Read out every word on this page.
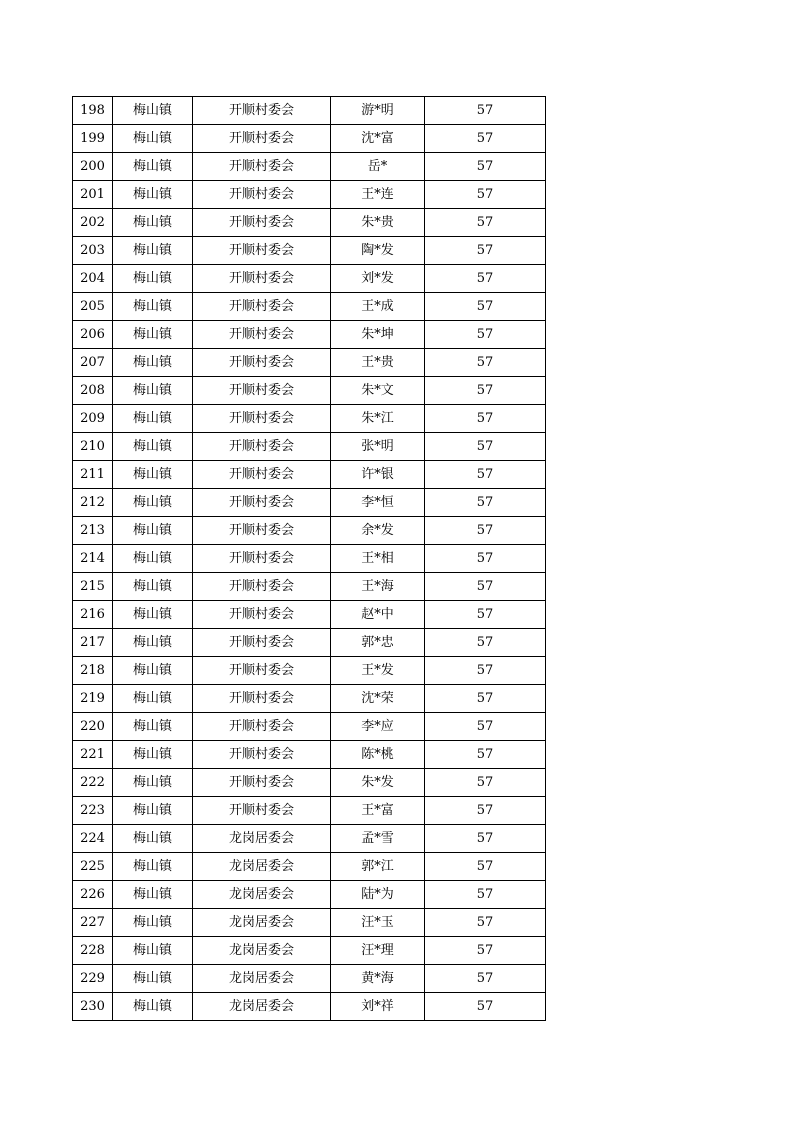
198	梅山镇	开顺村委会	游*明	57
199	梅山镇	开顺村委会	沈*富	57
200	梅山镇	开顺村委会	岳*	57
201	梅山镇	开顺村委会	王*连	57
202	梅山镇	开顺村委会	朱*贵	57
203	梅山镇	开顺村委会	陶*发	57
204	梅山镇	开顺村委会	刘*发	57
205	梅山镇	开顺村委会	王*成	57
206	梅山镇	开顺村委会	朱*坤	57
207	梅山镇	开顺村委会	王*贵	57
208	梅山镇	开顺村委会	朱*文	57
209	梅山镇	开顺村委会	朱*江	57
210	梅山镇	开顺村委会	张*明	57
211	梅山镇	开顺村委会	许*银	57
212	梅山镇	开顺村委会	李*恒	57
213	梅山镇	开顺村委会	余*发	57
214	梅山镇	开顺村委会	王*相	57
215	梅山镇	开顺村委会	王*海	57
216	梅山镇	开顺村委会	赵*中	57
217	梅山镇	开顺村委会	郭*忠	57
218	梅山镇	开顺村委会	王*发	57
219	梅山镇	开顺村委会	沈*荣	57
220	梅山镇	开顺村委会	李*应	57
221	梅山镇	开顺村委会	陈*桃	57
222	梅山镇	开顺村委会	朱*发	57
223	梅山镇	开顺村委会	王*富	57
224	梅山镇	龙岗居委会	孟*雪	57
225	梅山镇	龙岗居委会	郭*江	57
226	梅山镇	龙岗居委会	陆*为	57
227	梅山镇	龙岗居委会	汪*玉	57
228	梅山镇	龙岗居委会	汪*理	57
229	梅山镇	龙岗居委会	黄*海	57
230	梅山镇	龙岗居委会	刘*祥	57
